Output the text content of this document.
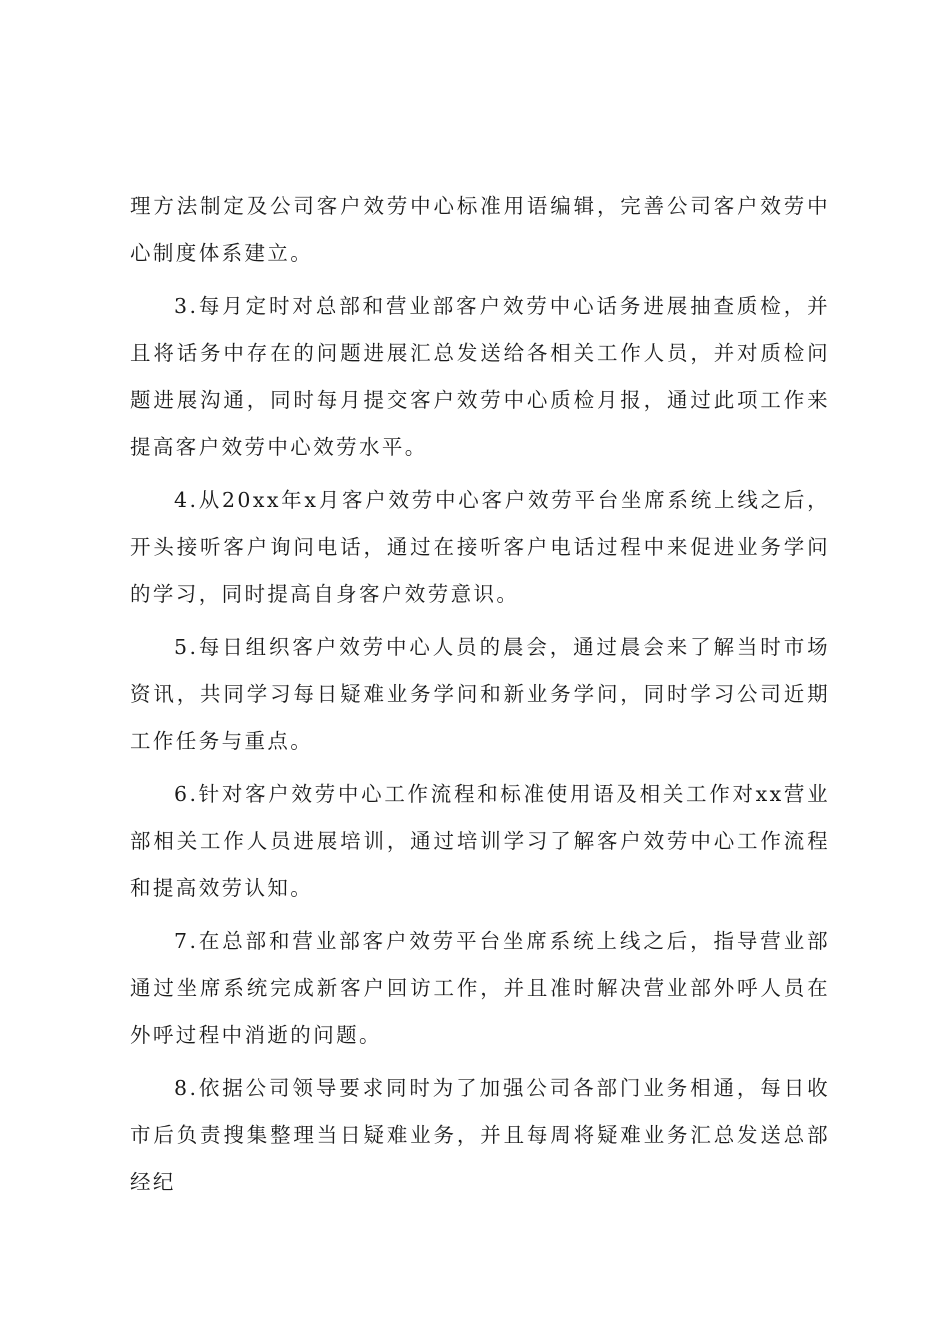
理方法制定及公司客户效劳中心标准用语编辑，完善公司客户效劳中心制度体系建立。

3.每月定时对总部和营业部客户效劳中心话务进展抽查质检，并且将话务中存在的问题进展汇总发送给各相关工作人员，并对质检问题进展沟通，同时每月提交客户效劳中心质检月报，通过此项工作来提高客户效劳中心效劳水平。

4.从20xx年x月客户效劳中心客户效劳平台坐席系统上线之后，开头接听客户询问电话，通过在接听客户电话过程中来促进业务学问的学习，同时提高自身客户效劳意识。

5.每日组织客户效劳中心人员的晨会，通过晨会来了解当时市场资讯，共同学习每日疑难业务学问和新业务学问，同时学习公司近期工作任务与重点。

6.针对客户效劳中心工作流程和标准使用语及相关工作对xx营业部相关工作人员进展培训，通过培训学习了解客户效劳中心工作流程和提高效劳认知。

7.在总部和营业部客户效劳平台坐席系统上线之后，指导营业部通过坐席系统完成新客户回访工作，并且准时解决营业部外呼人员在外呼过程中消逝的问题。

8.依据公司领导要求同时为了加强公司各部门业务相通，每日收市后负责搜集整理当日疑难业务，并且每周将疑难业务汇总发送总部经纪
